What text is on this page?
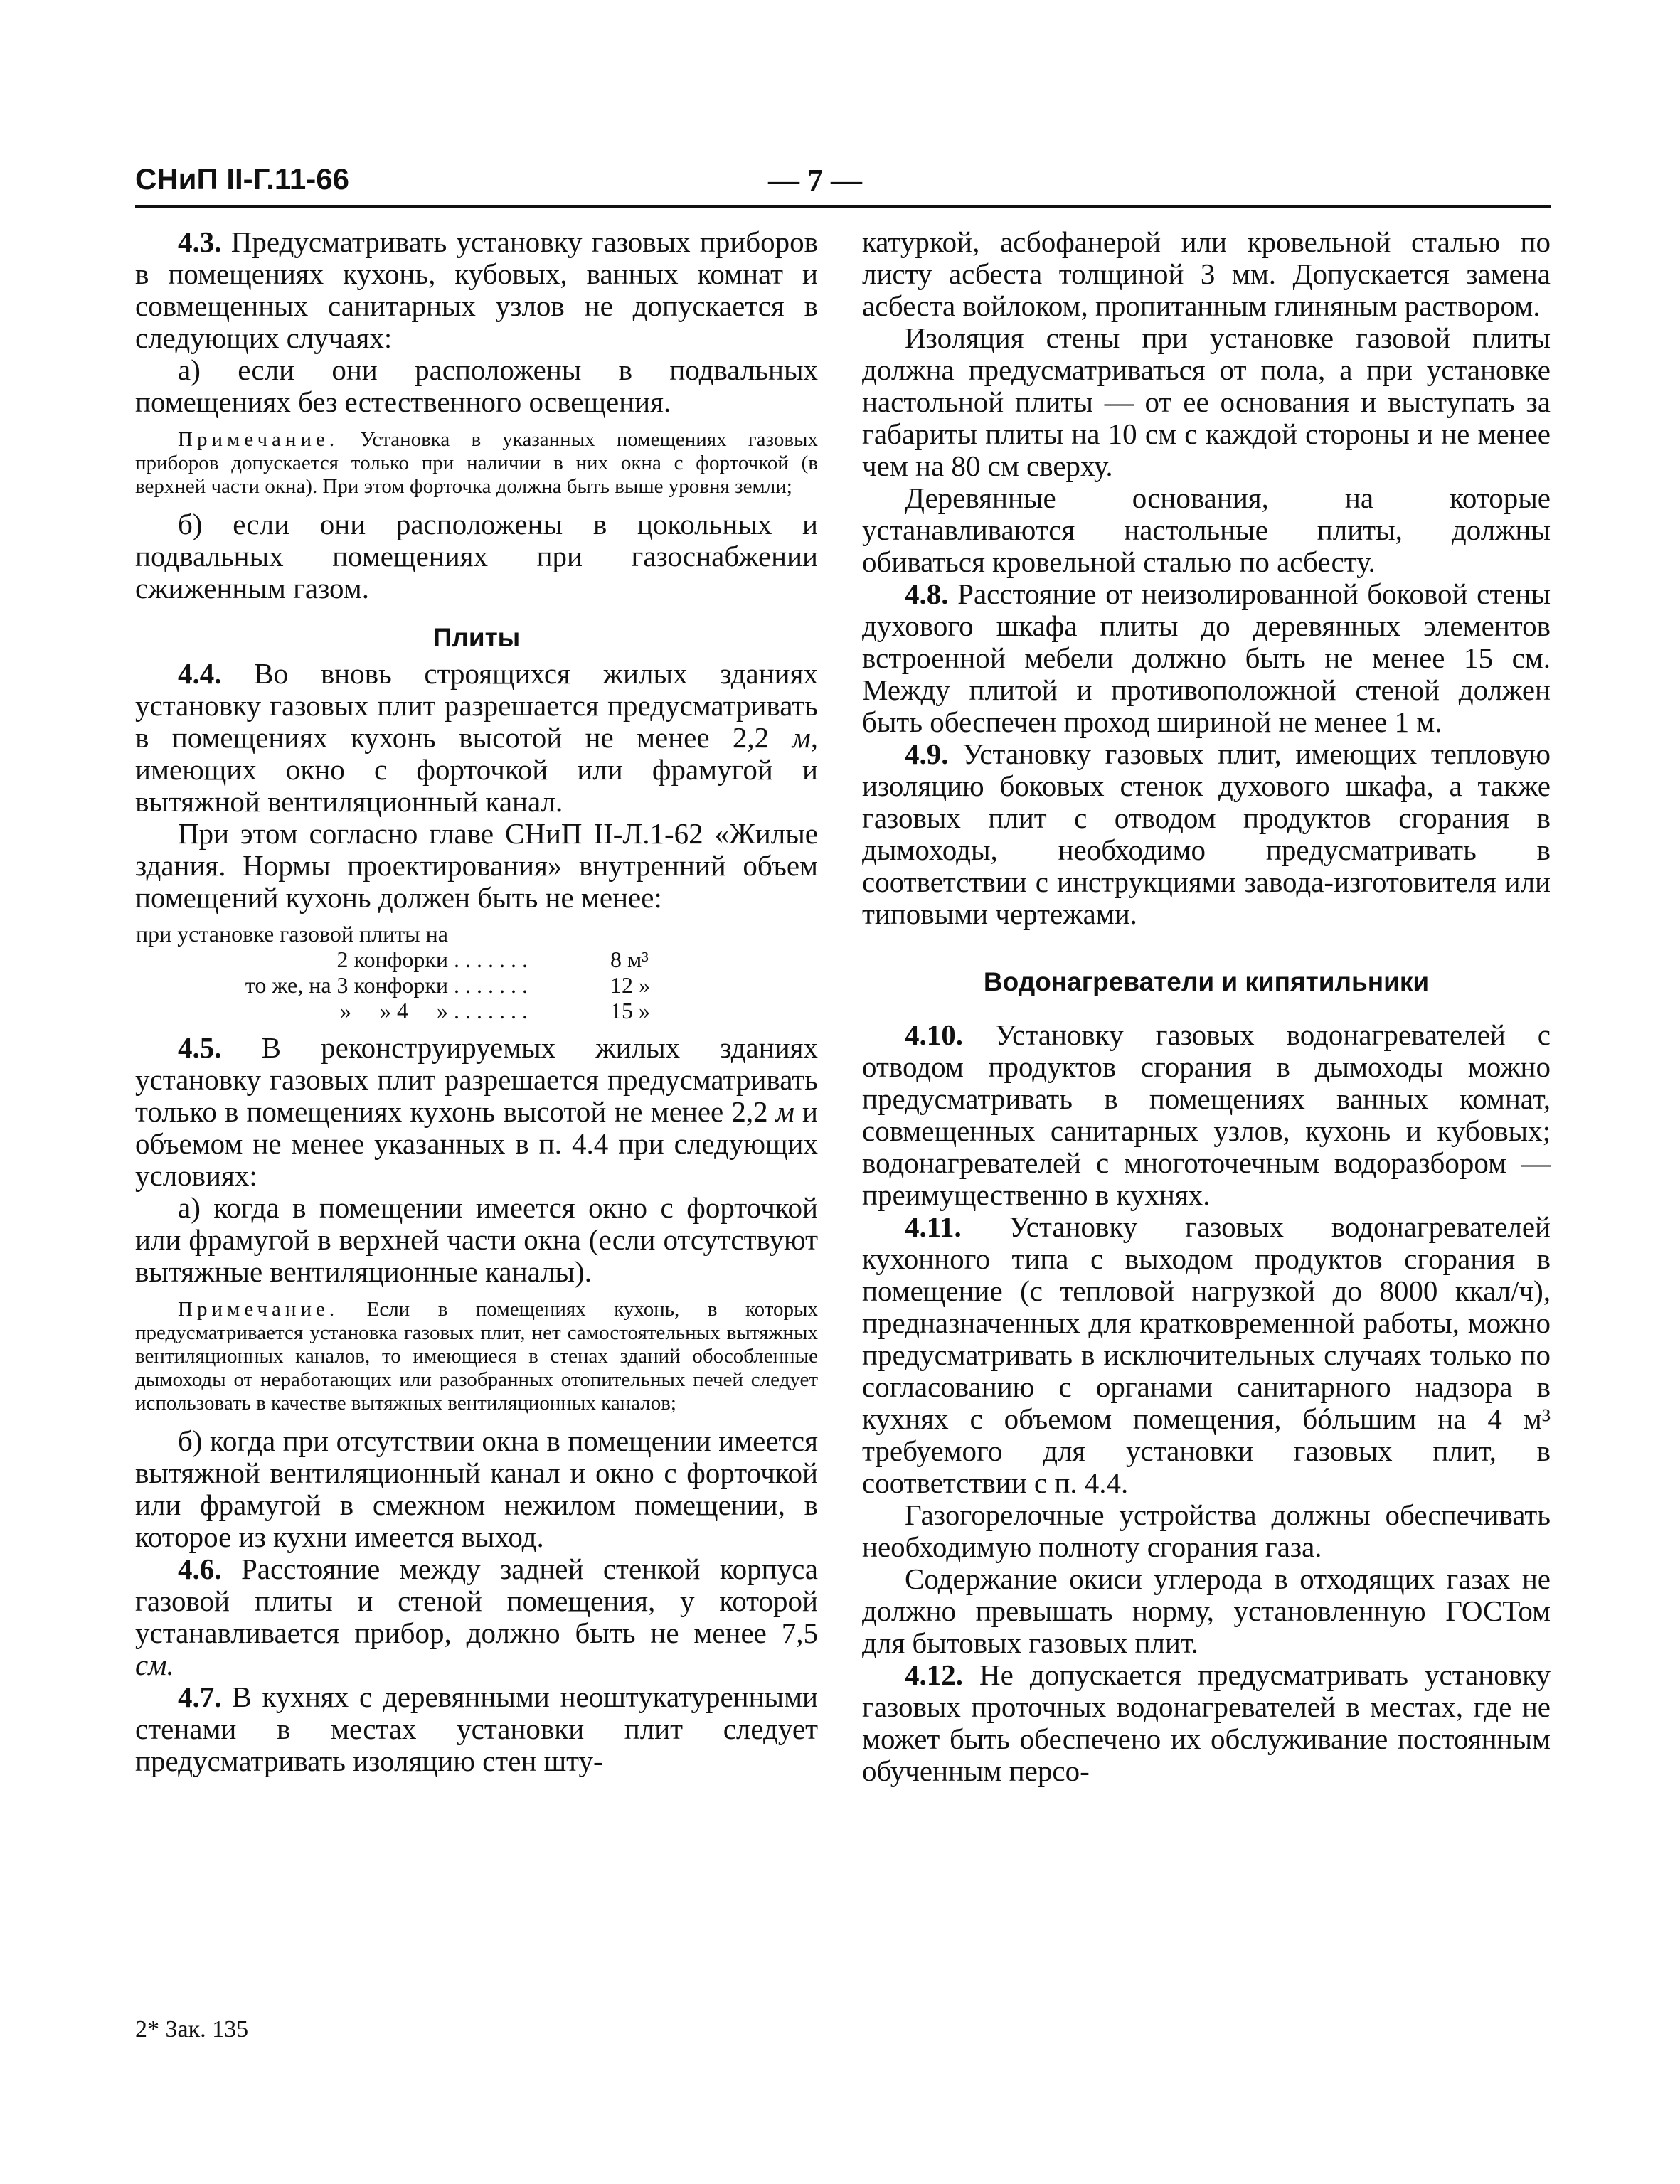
СНиП II-Г.11-66	— 7 —

4.3. Предусматривать установку газовых приборов в помещениях кухонь, кубовых, ванных комнат и совмещенных санитарных узлов не допускается в следующих случаях:

а) если они расположены в подвальных помещениях без естественного освещения.

Примечание. Установка в указанных помещениях газовых приборов допускается только при наличии в них окна с форточкой (в верхней части окна). При этом форточка должна быть выше уровня земли;

б) если они расположены в цокольных и подвальных помещениях при газоснабжении сжиженным газом.

Плиты

4.4. Во вновь строящихся жилых зданиях установку газовых плит разрешается предусматривать в помещениях кухонь высотой не менее 2,2 м, имеющих окно с форточкой или фрамугой и вытяжной вентиляционный канал.

При этом согласно главе СНиП II-Л.1-62 «Жилые здания. Нормы проектирования» внутренний объем помещений кухонь должен быть не менее:

при установке газовой плиты на
2 конфорки . . . . . . .	8 м³
то же, на 3 конфорки . . . . . . .	12 »
»     » 4     » . . . . . . .	15 »

4.5. В реконструируемых жилых зданиях установку газовых плит разрешается предусматривать только в помещениях кухонь высотой не менее 2,2 м и объемом не менее указанных в п. 4.4 при следующих условиях:

а) когда в помещении имеется окно с форточкой или фрамугой в верхней части окна (если отсутствуют вытяжные вентиляционные каналы).

Примечание. Если в помещениях кухонь, в которых предусматривается установка газовых плит, нет самостоятельных вытяжных вентиляционных каналов, то имеющиеся в стенах зданий обособленные дымоходы от неработающих или разобранных отопительных печей следует использовать в качестве вытяжных вентиляционных каналов;

б) когда при отсутствии окна в помещении имеется вытяжной вентиляционный канал и окно с форточкой или фрамугой в смежном нежилом помещении, в которое из кухни имеется выход.

4.6. Расстояние между задней стенкой корпуса газовой плиты и стеной помещения, у которой устанавливается прибор, должно быть не менее 7,5 см.

4.7. В кухнях с деревянными неоштукатуренными стенами в местах установки плит следует предусматривать изоляцию стен шту-

катуркой, асбофанерой или кровельной сталью по листу асбеста толщиной 3 мм. Допускается замена асбеста войлоком, пропитанным глиняным раствором.

Изоляция стены при установке газовой плиты должна предусматриваться от пола, а при установке настольной плиты — от ее основания и выступать за габариты плиты на 10 см с каждой стороны и не менее чем на 80 см сверху.

Деревянные основания, на которые устанавливаются настольные плиты, должны обиваться кровельной сталью по асбесту.

4.8. Расстояние от неизолированной боковой стены духового шкафа плиты до деревянных элементов встроенной мебели должно быть не менее 15 см. Между плитой и противоположной стеной должен быть обеспечен проход шириной не менее 1 м.

4.9. Установку газовых плит, имеющих тепловую изоляцию боковых стенок духового шкафа, а также газовых плит с отводом продуктов сгорания в дымоходы, необходимо предусматривать в соответствии с инструкциями завода-изготовителя или типовыми чертежами.

Водонагреватели и кипятильники

4.10. Установку газовых водонагревателей с отводом продуктов сгорания в дымоходы можно предусматривать в помещениях ванных комнат, совмещенных санитарных узлов, кухонь и кубовых; водонагревателей с многоточечным водоразбором — преимущественно в кухнях.

4.11. Установку газовых водонагревателей кухонного типа с выходом продуктов сгорания в помещение (с тепловой нагрузкой до 8000 ккал/ч), предназначенных для кратковременной работы, можно предусматривать в исключительных случаях только по согласованию с органами санитарного надзора в кухнях с объемом помещения, бóльшим на 4 м³ требуемого для установки газовых плит, в соответствии с п. 4.4.

Газогорелочные устройства должны обеспечивать необходимую полноту сгорания газа.

Содержание окиси углерода в отходящих газах не должно превышать норму, установленную ГОСТом для бытовых газовых плит.

4.12. Не допускается предусматривать установку газовых проточных водонагревателей в местах, где не может быть обеспечено их обслуживание постоянным обученным персо-

2* Зак. 135
